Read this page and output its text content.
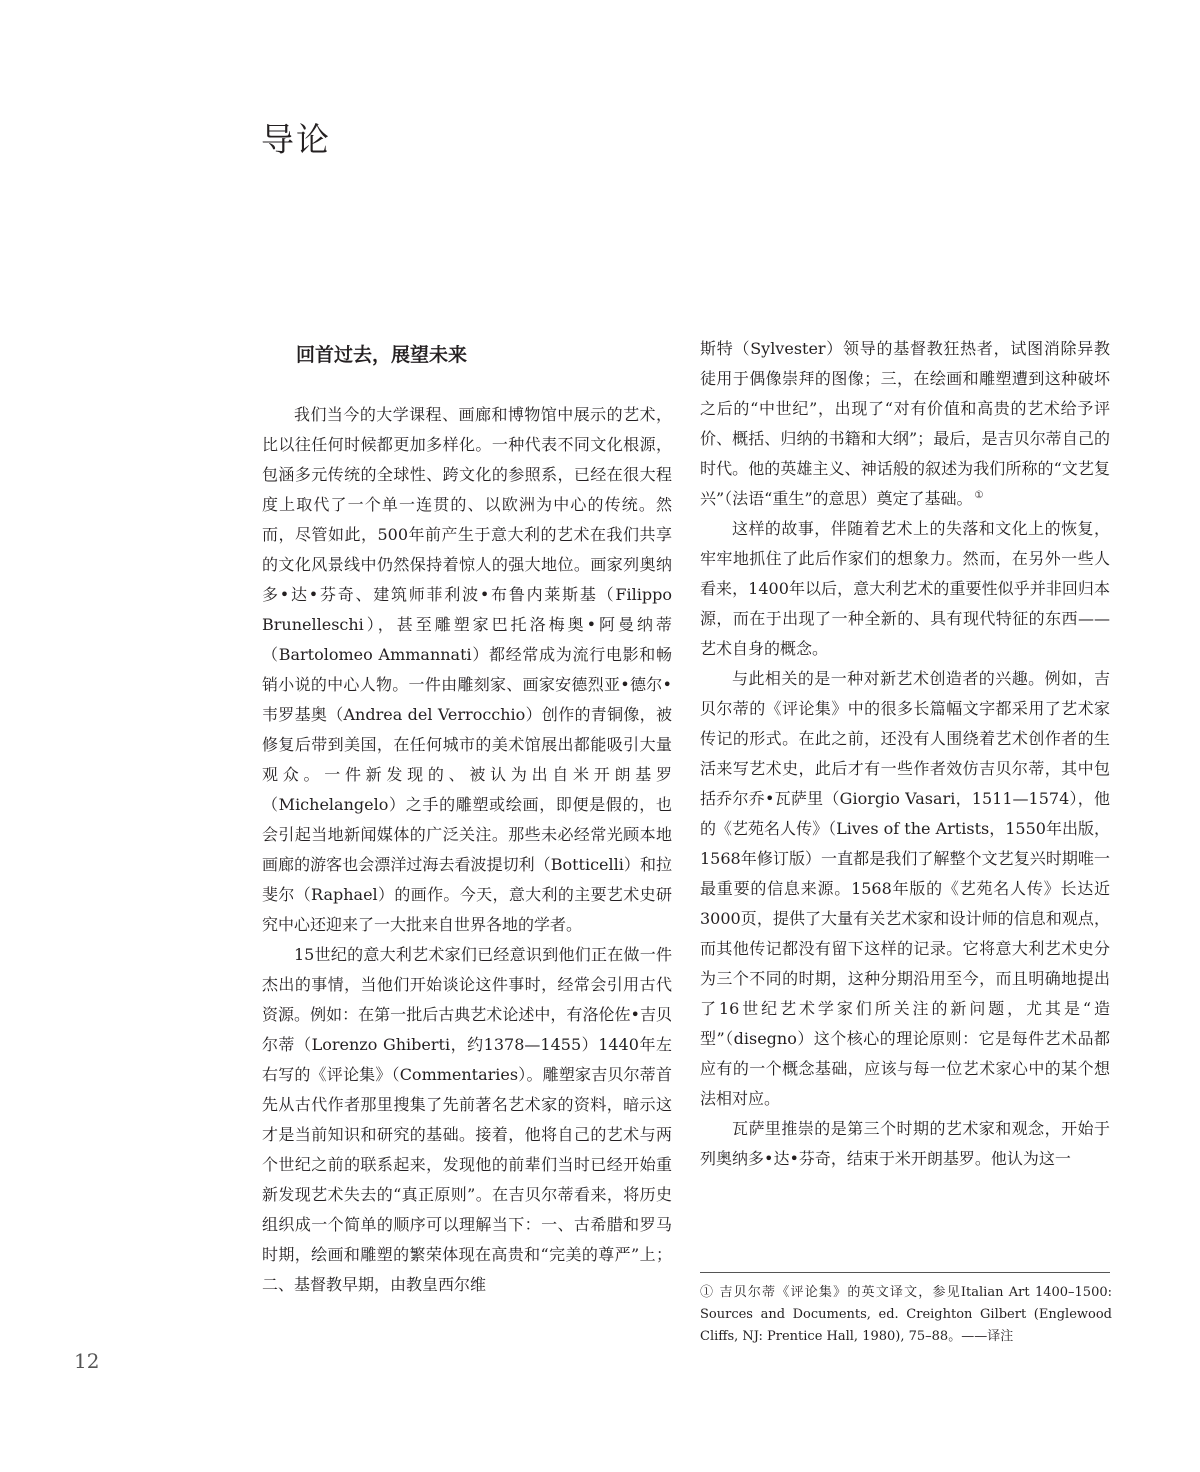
导论
回首过去，展望未来

我们当今的大学课程、画廊和博物馆中展示的艺术，比以往任何时候都更加多样化。一种代表不同文化根源，包涵多元传统的全球性、跨文化的参照系，已经在很大程度上取代了一个单一连贯的、以欧洲为中心的传统。然而，尽管如此，500年前产生于意大利的艺术在我们共享的文化风景线中仍然保持着惊人的强大地位。画家列奥纳多•达•芬奇、建筑师菲利波•布鲁内莱斯基（Filippo Brunelleschi），甚至雕塑家巴托洛梅奥•阿曼纳蒂（Bartolomeo Ammannati）都经常成为流行电影和畅销小说的中心人物。一件由雕刻家、画家安德烈亚•德尔•韦罗基奥（Andrea del Verrocchio）创作的青铜像，被修复后带到美国，在任何城市的美术馆展出都能吸引大量观众。一件新发现的、被认为出自米开朗基罗（Michelangelo）之手的雕塑或绘画，即便是假的，也会引起当地新闻媒体的广泛关注。那些未必经常光顾本地画廊的游客也会漂洋过海去看波提切利（Botticelli）和拉斐尔（Raphael）的画作。今天，意大利的主要艺术史研究中心还迎来了一大批来自世界各地的学者。

15世纪的意大利艺术家们已经意识到他们正在做一件杰出的事情，当他们开始谈论这件事时，经常会引用古代资源。例如：在第一批后古典艺术论述中，有洛伦佐•吉贝尔蒂（Lorenzo Ghiberti，约1378—1455）1440年左右写的《评论集》（Commentaries）。雕塑家吉贝尔蒂首先从古代作者那里搜集了先前著名艺术家的资料，暗示这才是当前知识和研究的基础。接着，他将自己的艺术与两个世纪之前的联系起来，发现他的前辈们当时已经开始重新发现艺术失去的“真正原则”。在吉贝尔蒂看来，将历史组织成一个简单的顺序可以理解当下：一、古希腊和罗马时期，绘画和雕塑的繁荣体现在高贵和“完美的尊严”上；二、基督教早期，由教皇西尔维

斯特（Sylvester）领导的基督教狂热者，试图消除异教徒用于偶像崇拜的图像；三，在绘画和雕塑遭到这种破坏之后的“中世纪”，出现了“对有价值和高贵的艺术给予评价、概括、归纳的书籍和大纲”；最后，是吉贝尔蒂自己的时代。他的英雄主义、神话般的叙述为我们所称的“文艺复兴”（法语“重生”的意思）奠定了基础。 ①

这样的故事，伴随着艺术上的失落和文化上的恢复，牢牢地抓住了此后作家们的想象力。然而，在另外一些人看来，1400年以后，意大利艺术的重要性似乎并非回归本源，而在于出现了一种全新的、具有现代特征的东西——艺术自身的概念。

与此相关的是一种对新艺术创造者的兴趣。例如，吉贝尔蒂的《评论集》中的很多长篇幅文字都采用了艺术家传记的形式。在此之前，还没有人围绕着艺术创作者的生活来写艺术史，此后才有一些作者效仿吉贝尔蒂，其中包括乔尔乔•瓦萨里（Giorgio Vasari，1511—1574），他的《艺苑名人传》（Lives of the Artists，1550年出版，1568年修订版）一直都是我们了解整个文艺复兴时期唯一最重要的信息来源。1568年版的《艺苑名人传》长达近3000页，提供了大量有关艺术家和设计师的信息和观点，而其他传记都没有留下这样的记录。它将意大利艺术史分为三个不同的时期，这种分期沿用至今，而且明确地提出了16世纪艺术学家们所关注的新问题，尤其是“造型”（disegno）这个核心的理论原则：它是每件艺术品都应有的一个概念基础，应该与每一位艺术家心中的某个想法相对应。

瓦萨里推崇的是第三个时期的艺术家和观念，开始于列奥纳多•达•芬奇，结束于米开朗基罗。他认为这一

① 吉贝尔蒂《评论集》的英文译文，参见Italian Art 1400–1500: Sources and Documents, ed. Creighton Gilbert (Englewood Cliffs, NJ: Prentice Hall, 1980), 75–88。——译注

12
